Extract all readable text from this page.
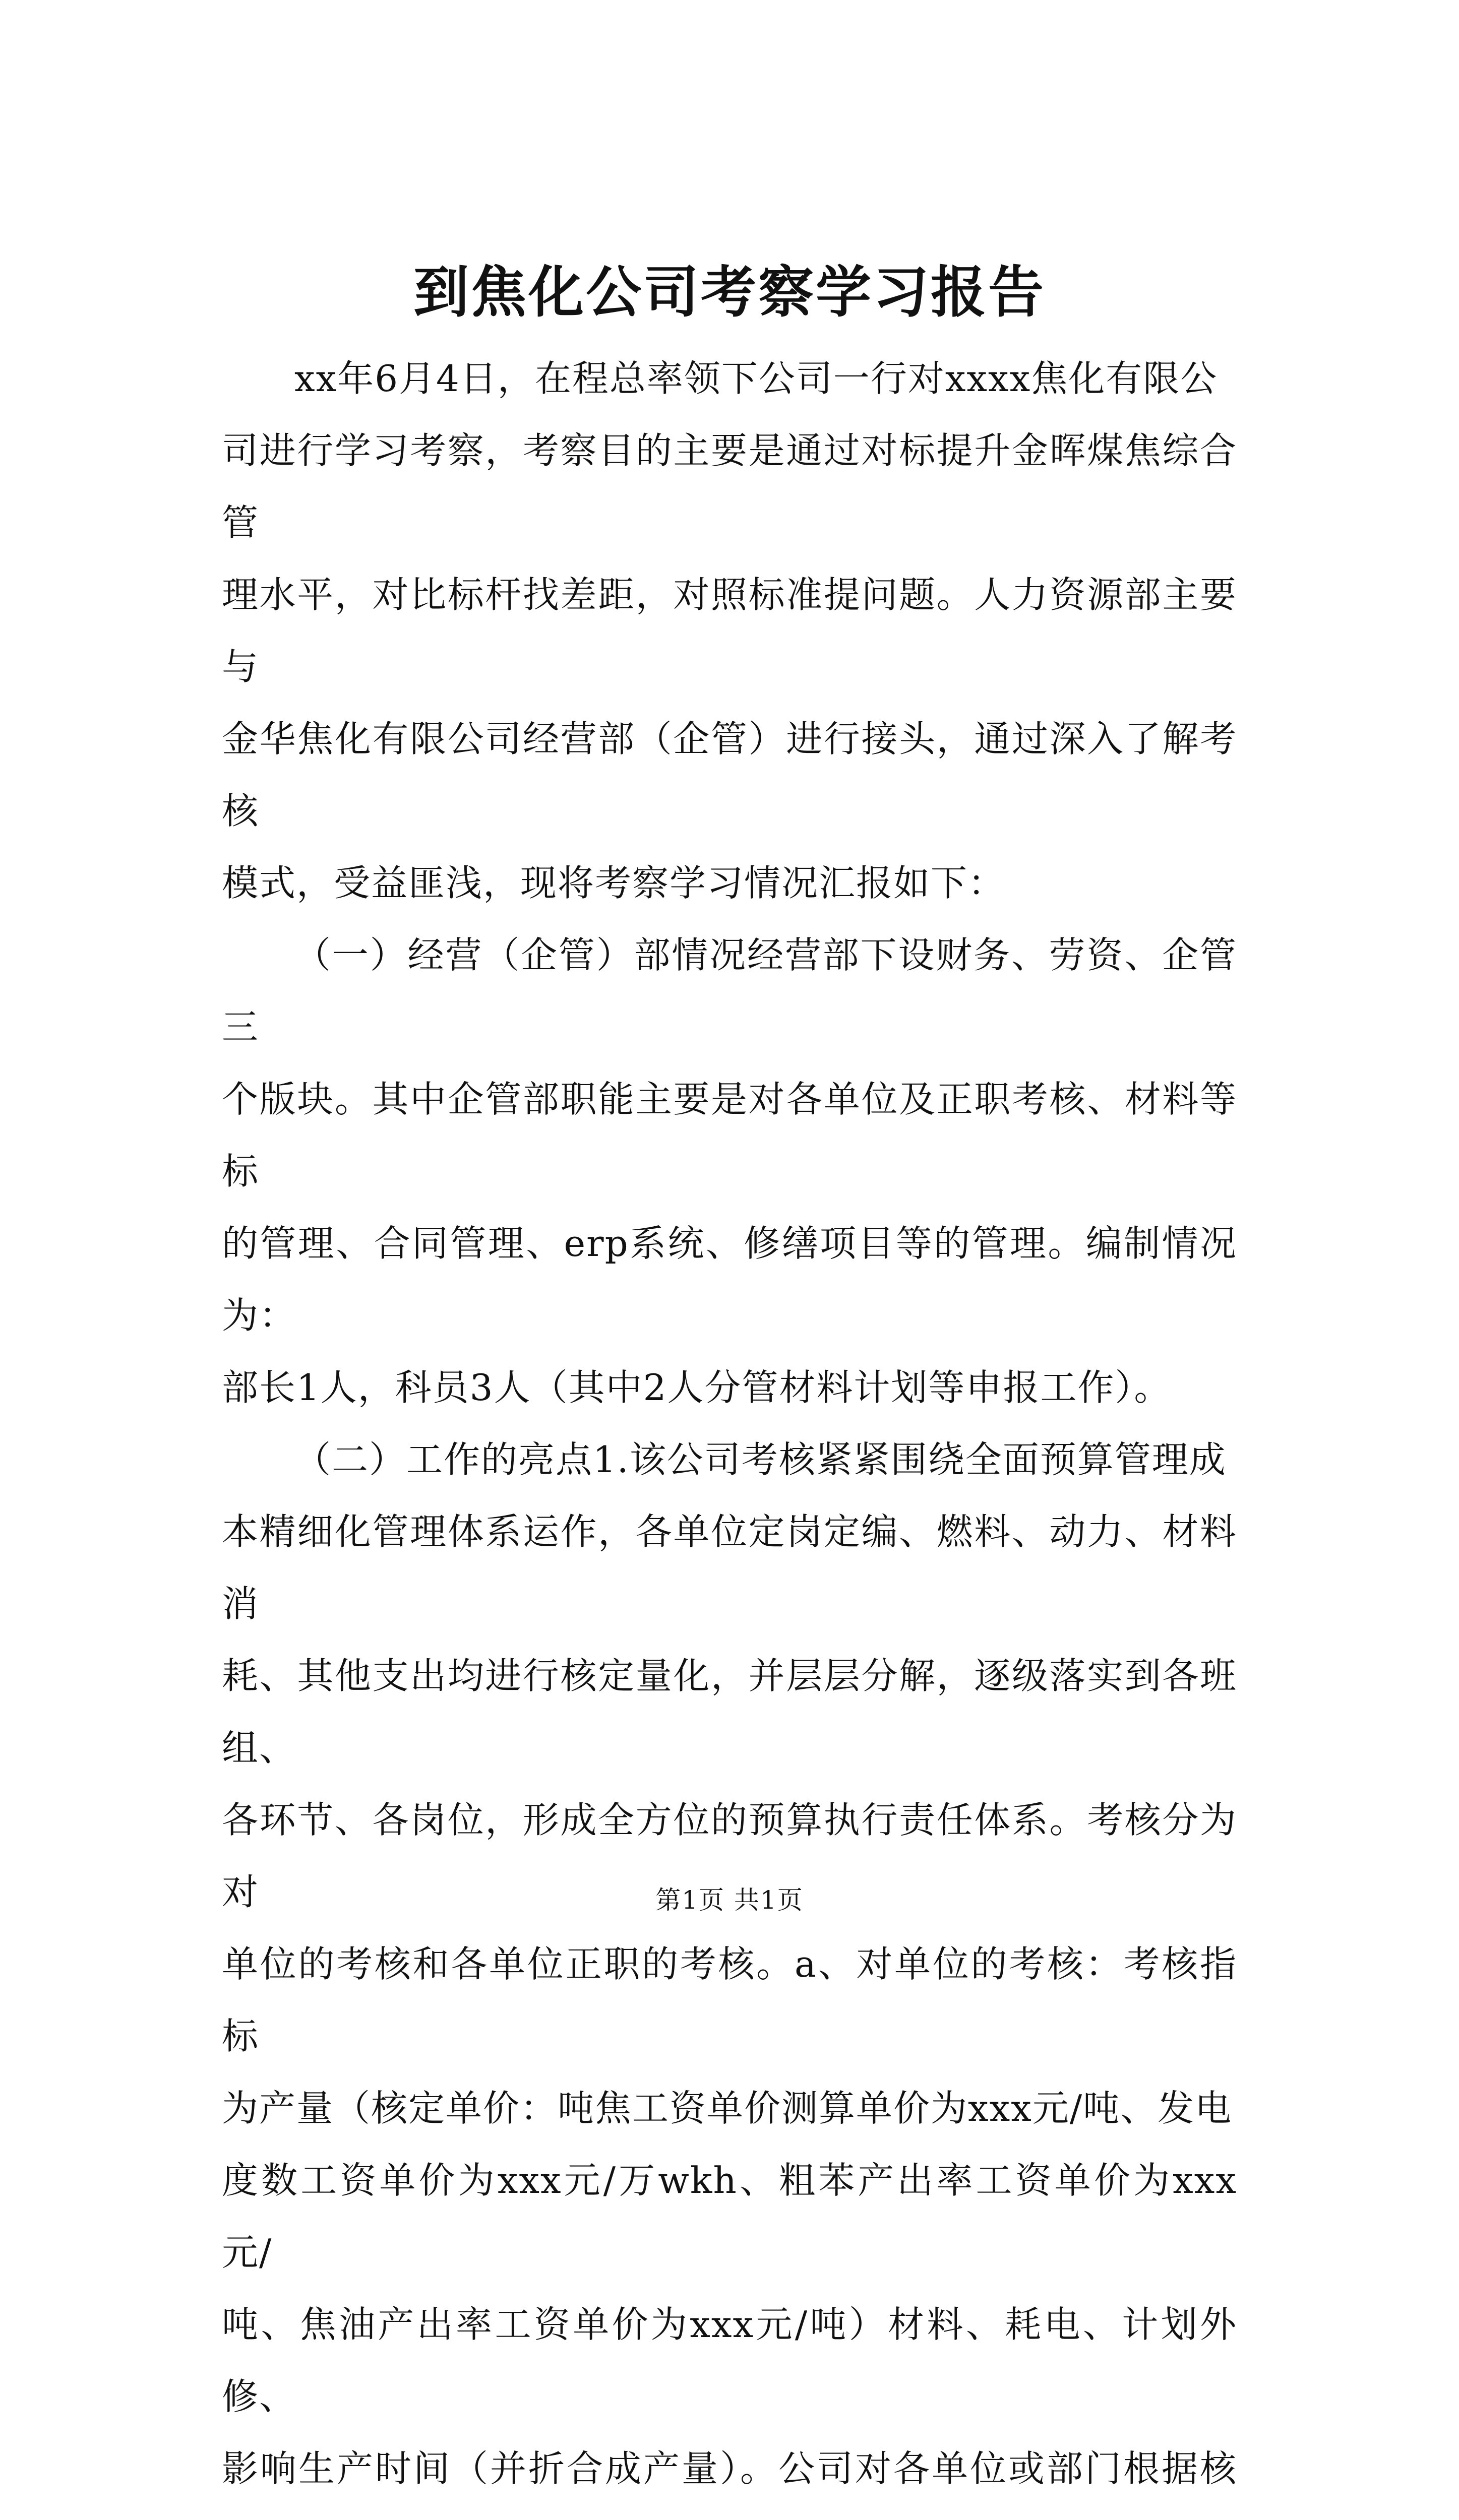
到焦化公司考察学习报告

xx年6月4日，在程总率领下公司一行对xxxx焦化有限公
司进行学习考察，考察目的主要是通过对标提升金晖煤焦综合管
理水平，对比标杆找差距，对照标准提问题。人力资源部主要与
金华焦化有限公司经营部（企管）进行接头，通过深入了解考核
模式，受益匪浅，现将考察学习情况汇报如下：

（一）经营（企管）部情况经营部下设财务、劳资、企管三
个版块。其中企管部职能主要是对各单位及正职考核、材料等标
的管理、合同管理、erp系统、修缮项目等的管理。编制情况为：
部长1人，科员3人（其中2人分管材料计划等申报工作）。

（二）工作的亮点1.该公司考核紧紧围绕全面预算管理成
本精细化管理体系运作，各单位定岗定编、燃料、动力、材料消
耗、其他支出均进行核定量化，并层层分解，逐级落实到各班组、
各环节、各岗位，形成全方位的预算执行责任体系。考核分为对
单位的考核和各单位正职的考核。a、对单位的考核：考核指标
为产量（核定单价：吨焦工资单价测算单价为xxx元/吨、发电
度数工资单价为xxx元/万wkh、粗苯产出率工资单价为xxx元/
吨、焦油产出率工资单价为xxx元/吨）材料、耗电、计划外修、
影响生产时间（并折合成产量）。公司对各单位或部门根据核

第1页 共1页
